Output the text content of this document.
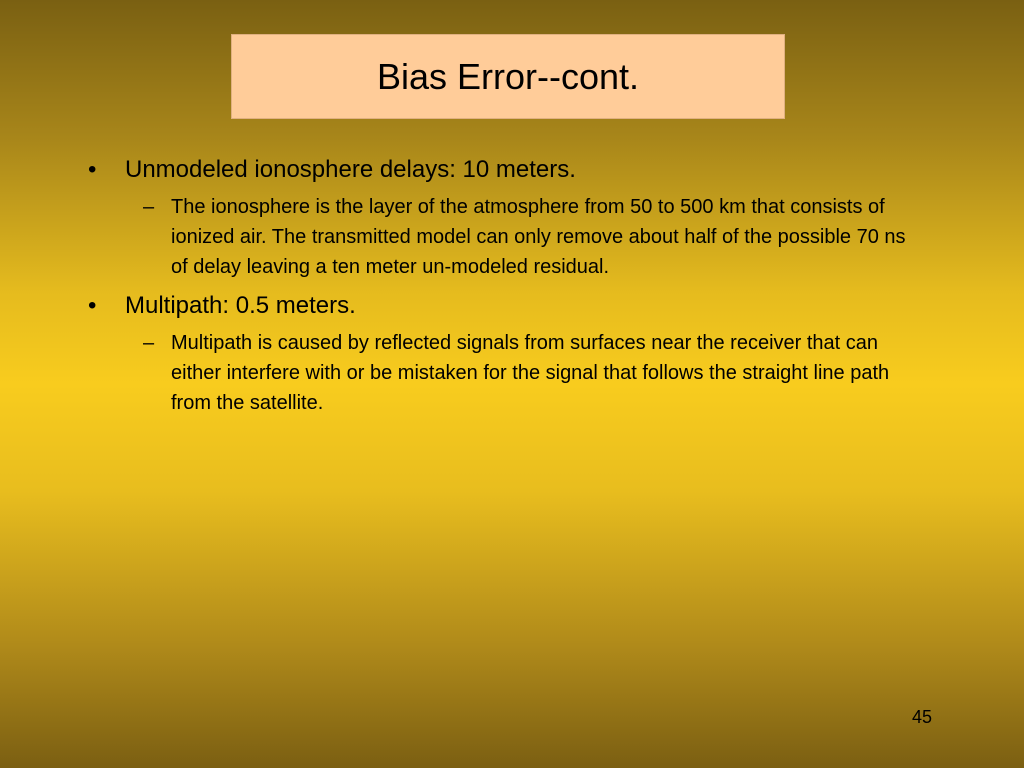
Bias Error--cont.
•	Unmodeled ionosphere delays: 10 meters.
– The ionosphere is the layer of the atmosphere from 50 to 500 km that consists of ionized air. The transmitted model can only remove about half of the possible 70 ns of delay leaving a ten meter un-modeled residual.
•	Multipath: 0.5 meters.
– Multipath is caused by reflected signals from surfaces near the receiver that can either interfere with or be mistaken for the signal that follows the straight line path from the satellite.
45
